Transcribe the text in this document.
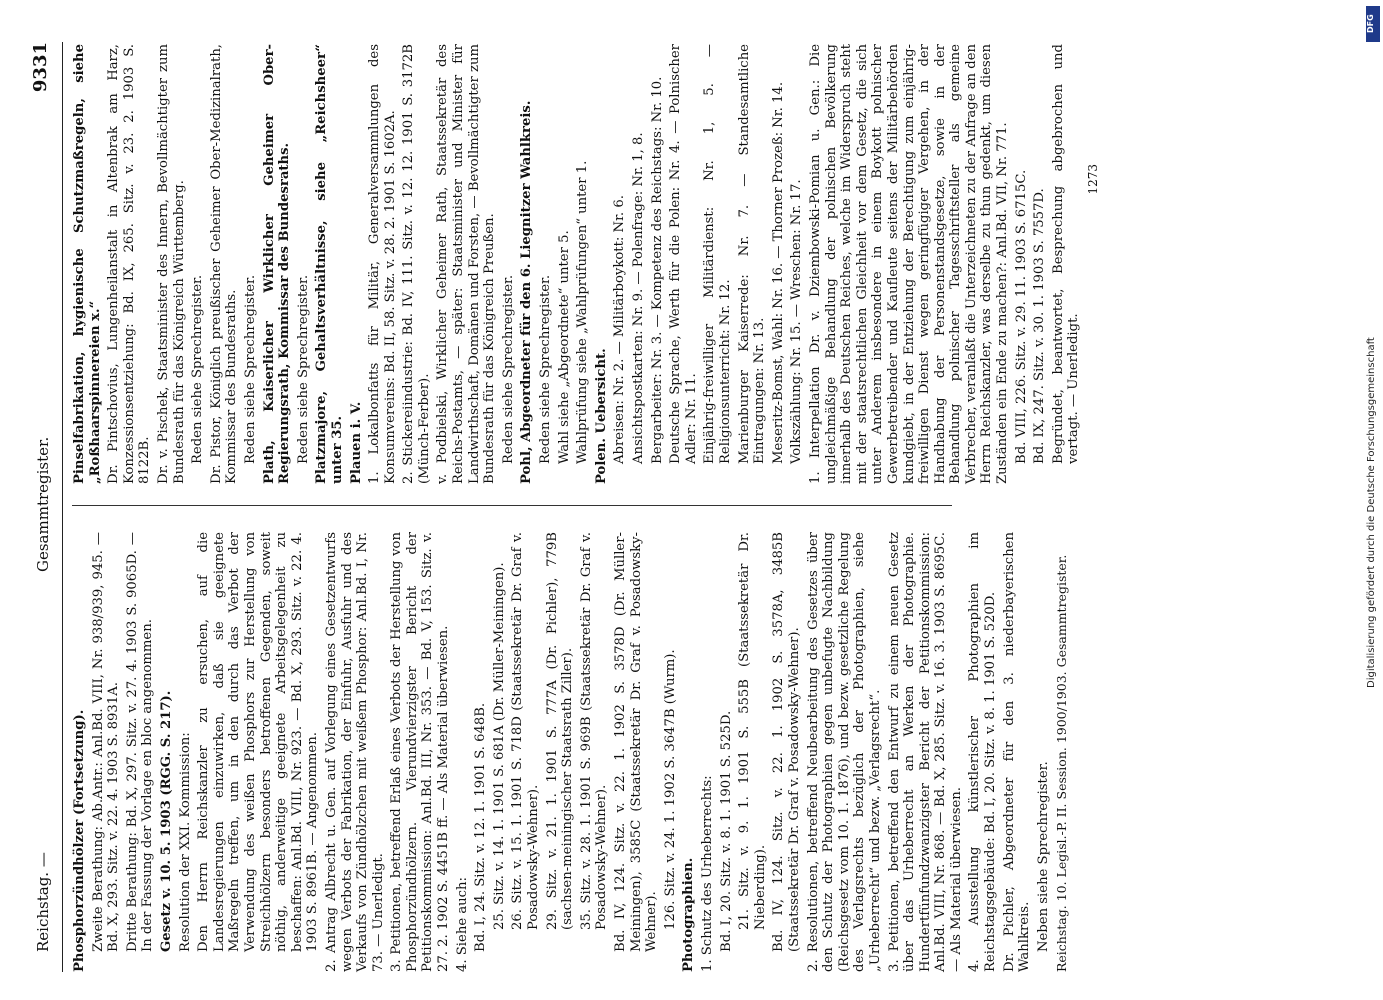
Reichstag. —
Gesammtregister.
9331
Phosphorzündhölzer (Fortsetzung). Zweite Berathung: Ab.Antr.: Anl.Bd. VIII, Nr. 938/939, 945. — Bd. X, 293. Sitz. v. 22. 4. 1903 S. 8931A. Dritte Berathung: Bd. X, 297. Sitz. v. 27. 4. 1903 S. 9065D. — In der Fassung der Vorlage en bloc angenommen. Gesetz v. 10. 5. 1903 (RGG. S. 217). Resolution der XXI. Kommission: Den Herrn Reichskanzler zu ersuchen, auf die Landesregierungen einzuwirken, daß sie geeignete Maßregeln treffen, um in den durch das Verbot der Verwendung des weißen Phosphors zur Herstellung von Streichhölzern besonders betroffenen Gegenden, soweit nöthig, anderweitige geeignete Arbeitsgelegenheit zu beschaffen: Anl.Bd. VIII, Nr. 923. — Bd. X, 293. Sitz. v. 22. 4. 1903 S. 8961B. — Angenommen. 2. Antrag Albrecht u. Gen. auf Vorlegung eines Gesetzentwurfs wegen Verbots der Fabrikation, der Einfuhr, Ausfuhr und des Verkaufs von Zündhölzchen mit weißem Phosphor: Anl.Bd. I, Nr. 73. — Unerledigt. 3. Petitionen, betreffend Erlaß eines Verbots der Herstellung von Phosphorzündhölzern. Vierundvierzigster Bericht der Petitionskommission: Anl.Bd. III, Nr. 353. — Bd. V, 153. Sitz. v. 27. 2. 1902 S. 4451B ff. — Als Material überwiesen. 4. Siehe auch: Bd. I, 24. Sitz. v. 12. 1. 1901 S. 648B. 25. Sitz. v. 14. 1. 1901 S. 681A (Dr. Müller-Meiningen). 26. Sitz. v. 15. 1. 1901 S. 718D (Staatssekretär Dr. Graf v. Posadowsky-Wehner). 29. Sitz. v. 21. 1. 1901 S. 777A (Dr. Pichler), 779B (sachsen-meiningischer Staatsrath Ziller). 35. Sitz. v. 28. 1. 1901 S. 969B (Staatssekretär Dr. Graf v. Posadowsky-Wehner). Bd. IV, 124. Sitz. v. 22. 1. 1902 S. 3578D (Dr. Müller-Meiningen), 3585C (Staatssekretär Dr. Graf v. Posadowsky-Wehner). 126. Sitz. v. 24. 1. 1902 S. 3647B (Wurm). Photographien. 1. Schutz des Urheberrechts: Bd. I, 20. Sitz. v. 8. 1. 1901 S. 525D. 21. Sitz. v. 9. 1. 1901 S. 555B (Staatssekretär Dr. Nieberding). Bd. IV, 124. Sitz. v. 22. 1. 1902 S. 3578A, 3485B (Staatssekretär Dr. Graf v. Posadowsky-Wehner). 2. Resolutionen, betreffend Neubearbeitung des Gesetzes über den Schutz der Photographien gegen unbefugte Nachbildung (Reichsgesetz vom 10. 1. 1876), und bezw. gesetzliche Regelung des Verlagsrechts bezüglich der Photographien, siehe „Urheberrecht“ und bezw. „Verlagsrecht“. 3. Petitionen, betreffend den Entwurf zu einem neuen Gesetz über das Urheberrecht an Werken der Photographie. Hundertfünfundzwanzigster Bericht der Petitionskommission: Anl.Bd. VIII, Nr. 868. — Bd. X, 285. Sitz. v. 16. 3. 1903 S. 8695C. — Als Material überwiesen. 4. Ausstellung künstlerischer Photographien im Reichstagsgebäude: Bd. I, 20. Sitz. v. 8. 1. 1901 S. 520D. Dr. Pichler, Abgeordneter für den 3. niederbayerischen Wahlkreis. Neben siehe Sprechregister. Reichstag. 10. Legisl.-P. II. Session. 1900/1903. Gesammtregister.
Pinselfabrikation, hygienische Schutzmaßregeln, siehe „Roßhaarspinnereien x.“ Dr. Pintschovius, Lungenheilanstalt in Altenbrak am Harz, Konzessionsentziehung: Bd. IX, 265. Sitz. v. 23. 2. 1903 S. 8122B. Dr. v. Pischek, Staatsminister des Innern, Bevollmächtigter zum Bundesrath für das Königreich Württemberg. Reden siehe Sprechregister. Dr. Pistor, Königlich preußischer Geheimer Ober-Medizinalrath, Kommissar des Bundesraths. Reden siehe Sprechregister. Plath, Kaiserlicher Wirklicher Geheimer Ober-Regierungsrath, Kommissar des Bundesraths. Reden siehe Sprechregister. Platzmajore, Gehaltsverhältnisse, siehe „Reichsheer“ unter 35. Plauen i. V. 1. Lokalbonfatts für Militär, Generalversammlungen des Konsumvereins: Bd. II, 58. Sitz. v. 28. 2. 1901 S. 1602A. 2. Stickereiindustrie: Bd. IV, 111. Sitz. v. 12. 12. 1901 S. 3172B (Münch-Ferber). v. Podbielski, Wirklicher Geheimer Rath, Staatssekretär des Reichs-Postamts, — später: Staatsminister und Minister für Landwirthschaft, Domänen und Forsten, — Bevollmächtigter zum Bundesrath für das Königreich Preußen. Reden siehe Sprechregister. Pohl, Abgeordneter für den 6. Liegnitzer Wahlkreis. Reden siehe Sprechregister. Wahl siehe „Abgeordnete“ unter 5. Wahlprüfung siehe „Wahlprüfungen“ unter 1. Polen. Uebersicht. Abreisen: Nr. 2. — Militärboykott: Nr. 6. Ansichtspostkarten: Nr. 9. — Polenfrage: Nr. 1, 8. Bergarbeiter: Nr. 3. — Kompetenz des Reichstags: Nr. 10. Deutsche Sprache, Werth für die Polen: Nr. 4. — Polnischer Adler: Nr. 11. Einjährig-freiwilliger Militärdienst: Nr. 1, 5. — Religionsunterricht: Nr. 12. Marienburger Kaiserrede: Nr. 7. — Standesamtliche Eintragungen: Nr. 13. Meseritz-Bomst, Wahl: Nr. 16. — Thorner Prozeß: Nr. 14. Volkszählung: Nr. 15. — Wreschen: Nr. 17. 1. Interpellation Dr. v. Dziembowski-Pomian u. Gen.: Die ungleichmäßige Behandlung der polnischen Bevölkerung innerhalb des Deutschen Reiches, welche im Widerspruch steht mit der staatsrechtlichen Gleichheit vor dem Gesetz, die sich unter Anderem insbesondere in einem Boykott polnischer Gewerbetreibender und Kaufleute seitens der Militärbehörden kundgiebt, in der Entziehung der Berechtigung zum einjährig-freiwilligen Dienst wegen geringfügiger Vergehen, in der Handhabung der Personenstandsgesetze, sowie in der Behandlung polnischer Tagesschriftsteller als gemeine Verbrecher, veranlaßt die Unterzeichneten zu der Anfrage an den Herrn Reichskanzler, was derselbe zu thun gedenkt, um diesen Zuständen ein Ende zu machen?: Anl.Bd. VII, Nr. 771. Bd. VIII, 226. Sitz. v. 29. 11. 1903 S. 6715C. Bd. IX, 247. Sitz. v. 30. 1. 1903 S. 7557D. Begründet, beantwortet, Besprechung abgebrochen und vertagt. — Unerledigt.
1273
DFG
Digitalisierung gefördert durch die Deutsche Forschungsgemeinschaft
